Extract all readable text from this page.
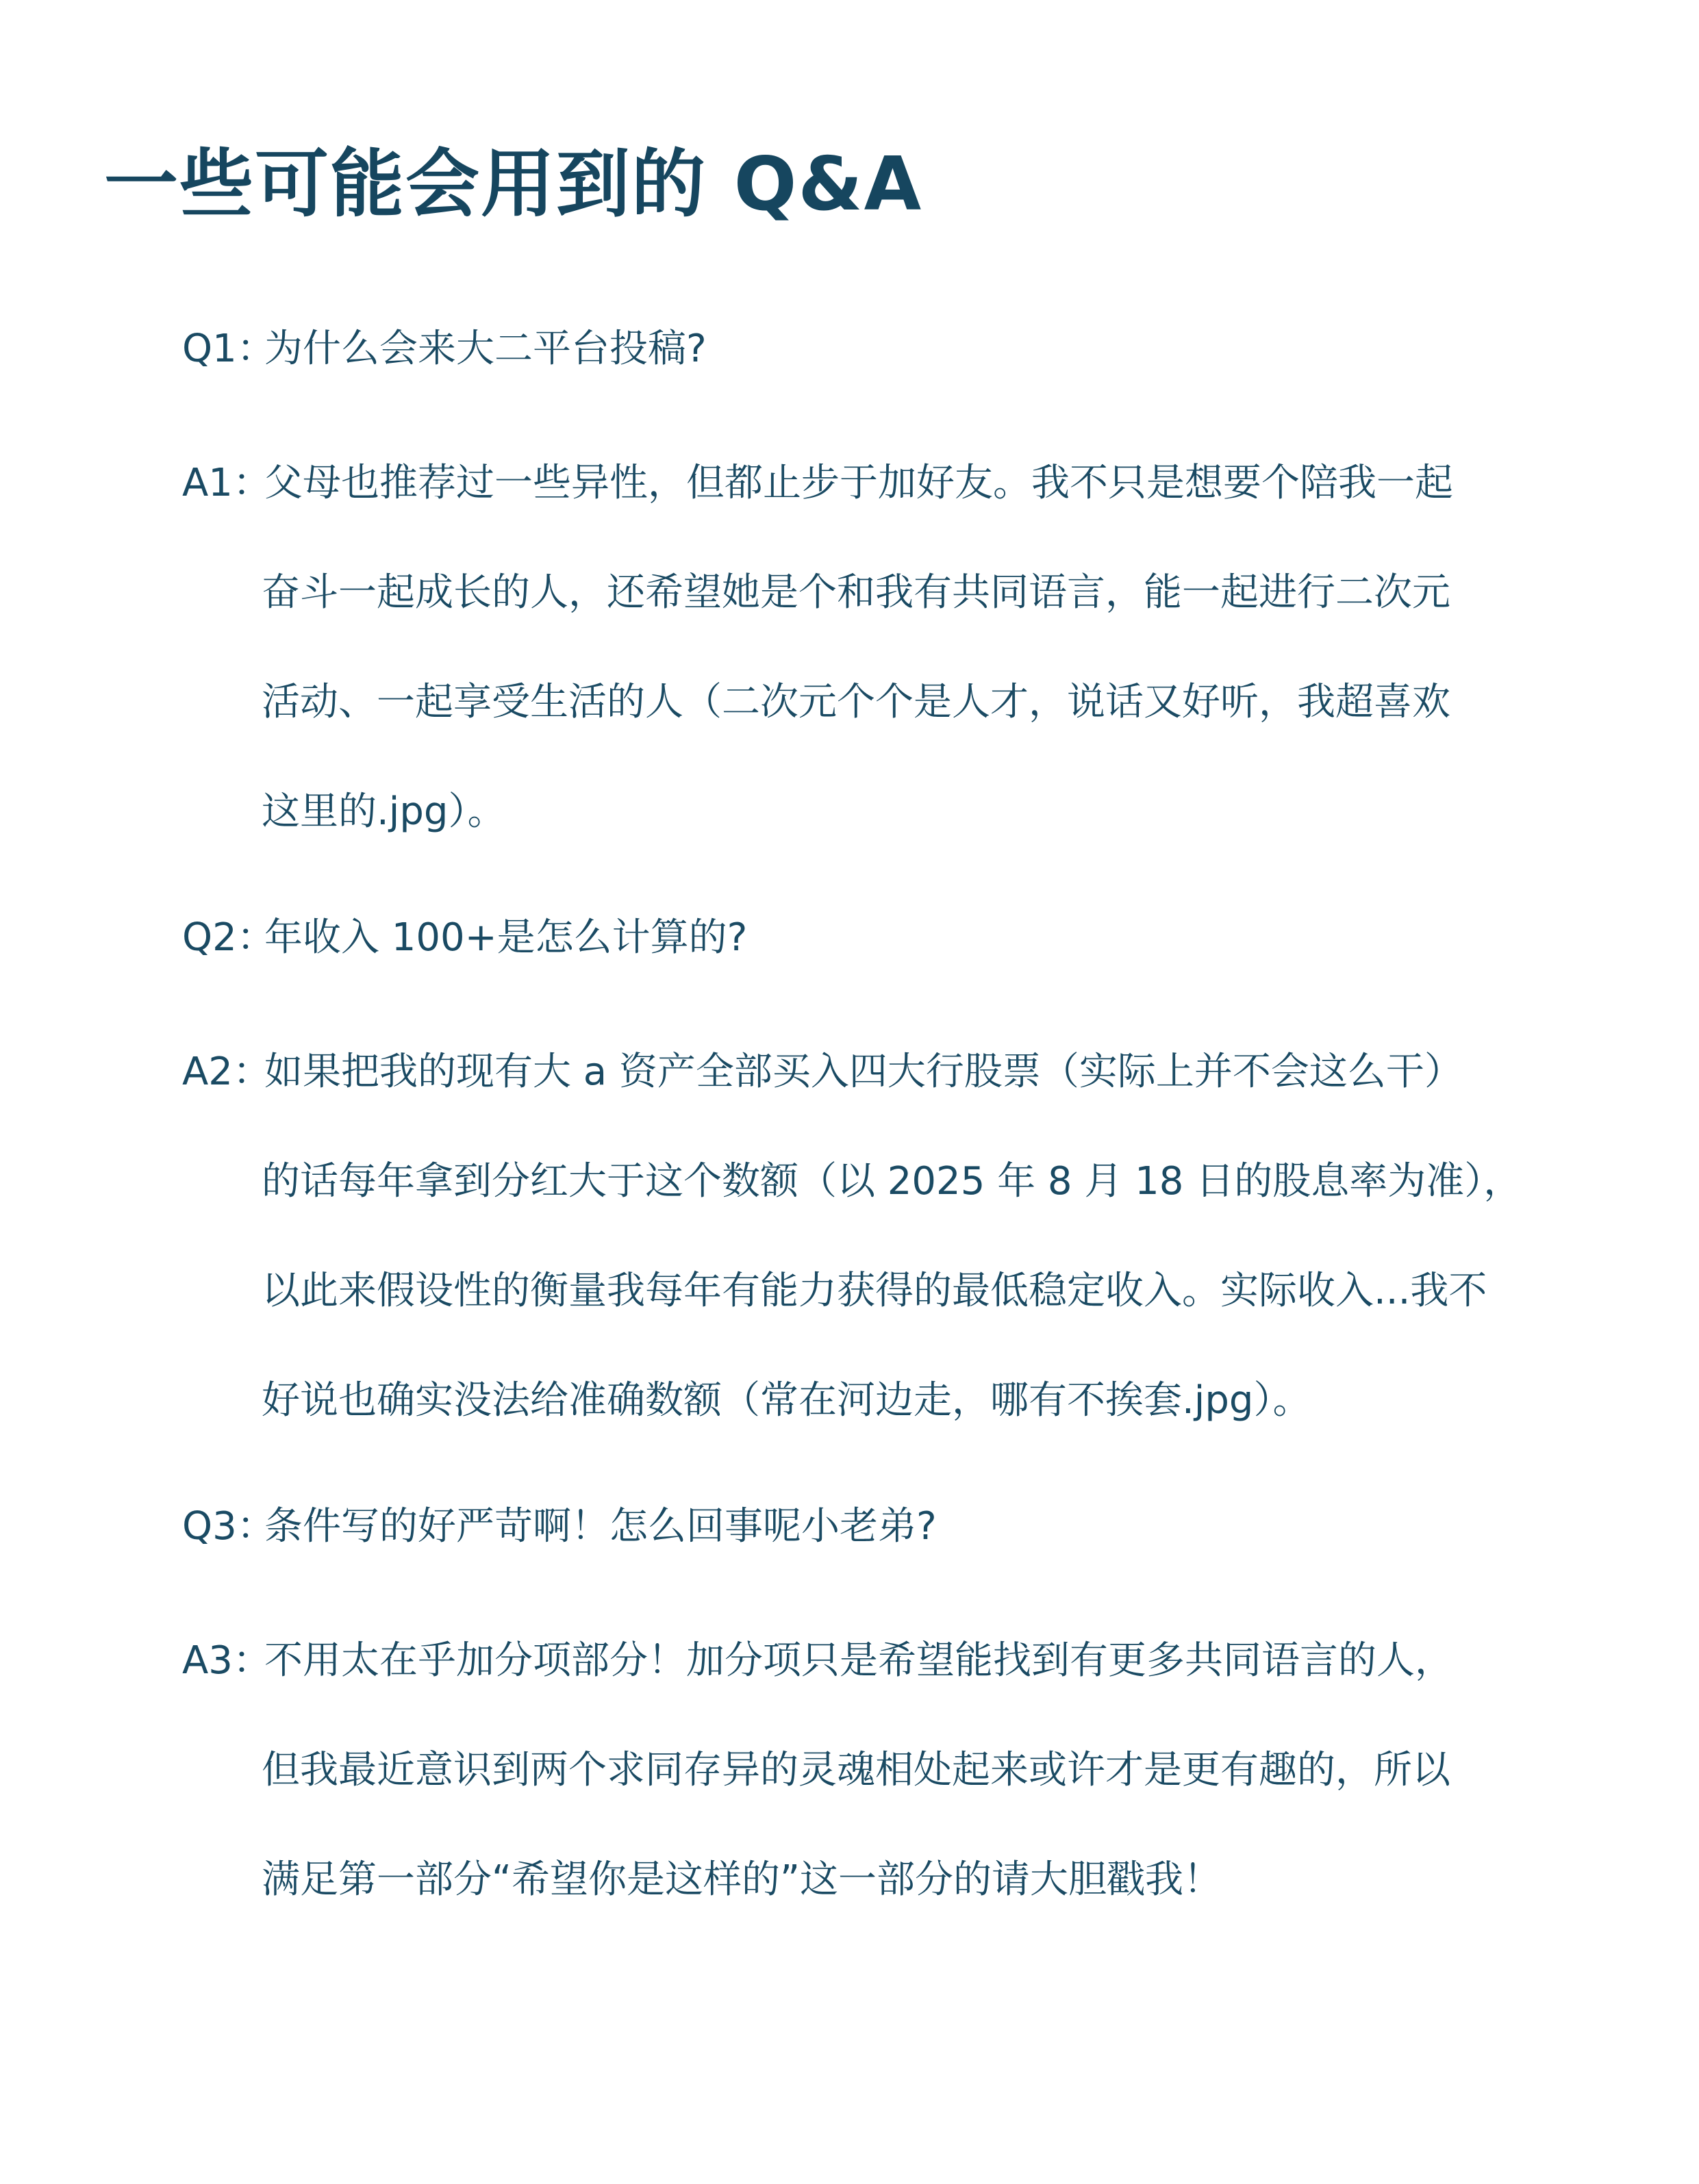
一些可能会用到的 Q&A
Q1：
为什么会来大二平台投稿?
A1：
父母也推荐过一些异性，但都止步于加好友。我不只是想要个陪我一起
奋斗一起成长的人，还希望她是个和我有共同语言，能一起进行二次元
活动、一起享受生活的人（二次元个个是人才，说话又好听，我超喜欢
这里的.jpg）。
Q2：
年收入 100+是怎么计算的?
A2：
如果把我的现有大 a 资产全部买入四大行股票（实际上并不会这么干）
的话每年拿到分红大于这个数额（以 2025 年 8 月 18 日的股息率为准），
以此来假设性的衡量我每年有能力获得的最低稳定收入。实际收入...我不
好说也确实没法给准确数额（常在河边走，哪有不挨套.jpg）。
Q3：
条件写的好严苛啊！怎么回事呢小老弟?
A3：
不用太在乎加分项部分！加分项只是希望能找到有更多共同语言的人，
但我最近意识到两个求同存异的灵魂相处起来或许才是更有趣的，所以
满足第一部分“希望你是这样的”这一部分的请大胆戳我！
